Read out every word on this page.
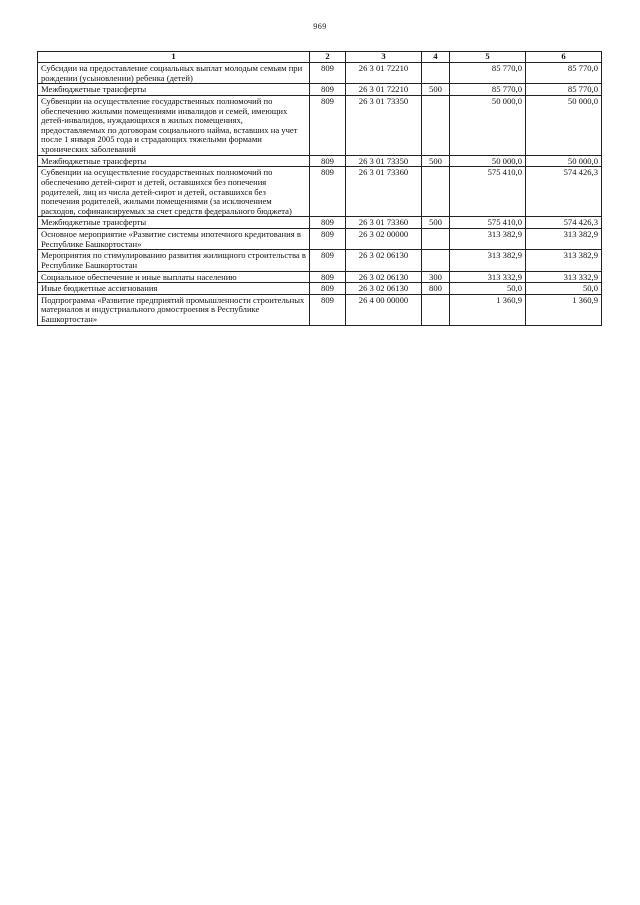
969
1	2	3	4	5	6
Субсидии на предоставление социальных выплат молодым семьям при рождении (усыновлении) ребенка (детей)	809	26 3 01 72210		85 770,0	85 770,0
Межбюджетные трансферты	809	26 3 01 72210	500	85 770,0	85 770,0
Субвенции на осуществление государственных полномочий по обеспечению жилыми помещениями инвалидов и семей, имеющих детей-инвалидов, нуждающихся в жилых помещениях, предоставляемых по договорам социального найма, вставших на учет после 1 января 2005 года и страдающих тяжелыми формами хронических заболеваний	809	26 3 01 73350		50 000,0	50 000,0
Межбюджетные трансферты	809	26 3 01 73350	500	50 000,0	50 000,0
Субвенции на осуществление государственных полномочий по обеспечению детей-сирот и детей, оставшихся без попечения родителей, лиц из числа детей-сирот и детей, оставшихся без попечения родителей, жилыми помещениями (за исключением расходов, софинансируемых за счет средств федерального бюджета)	809	26 3 01 73360		575 410,0	574 426,3
Межбюджетные трансферты	809	26 3 01 73360	500	575 410,0	574 426,3
Основное мероприятие «Развитие системы ипотечного кредитования в Республике Башкортостан»	809	26 3 02 00000		313 382,9	313 382,9
Мероприятия по стимулированию развития жилищного строительства в Республике Башкортостан	809	26 3 02 06130		313 382,9	313 382,9
Социальное обеспечение и иные выплаты населению	809	26 3 02 06130	300	313 332,9	313 332,9
Иные бюджетные ассигнования	809	26 3 02 06130	800	50,0	50,0
Подпрограмма «Развитие предприятий промышленности строительных материалов и индустриального домостроения в Республике Башкортостан»	809	26 4 00 00000		1 360,9	1 360,9
